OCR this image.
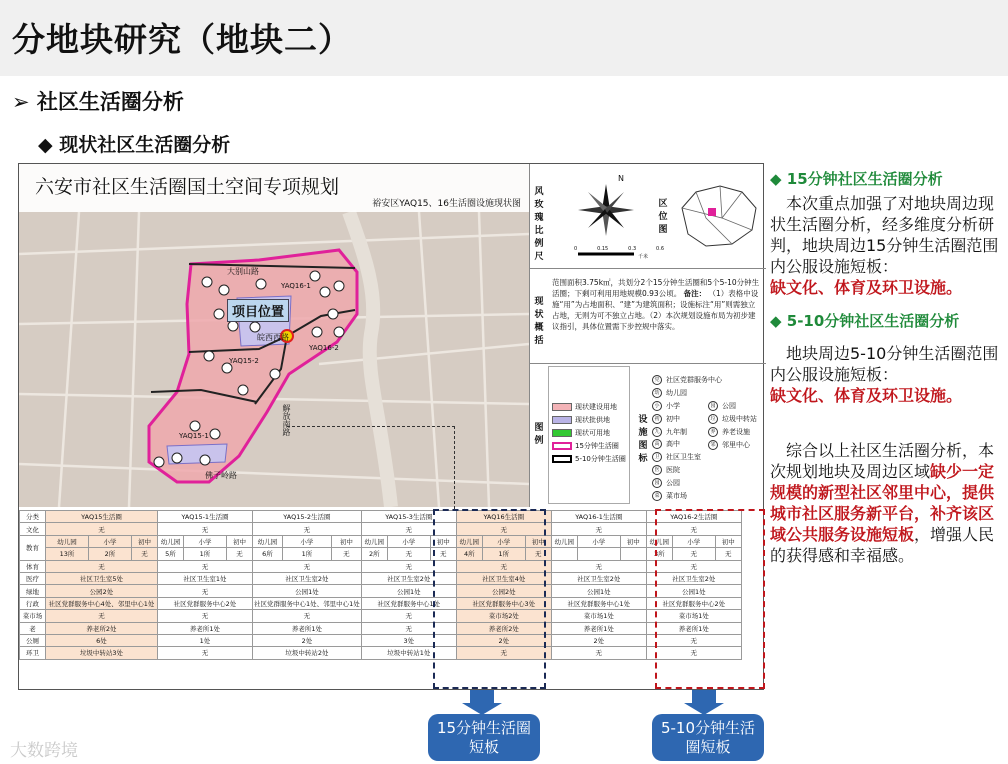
分地块研究（地块二）
➢ 社区生活圈分析
◆ 现状社区生活圈分析
六安市社区生活圈国土空间专项规划
裕安区YAQ15、16生活圈设施现状图
项目位置
大别山路
佛子岭路
解放南路
皖西西路
YAQ16-1
YAQ16-2
YAQ15-2
YAQ15-1
风玫瑰比例尺
N
0	0.15	0.3	0.6
千米
区位图
现状概括
范围面积3.75k㎡，共划分2个15分钟生活圈和5个5-10分钟生活圈；下剩可利用用地规模0.93公顷。 备注： （1）表格中设施“用”为占地面积、“建”为建筑面积；设施标注“用”则需独立占地，无则为可不独立占地。（2）本次规划设施布局为初步建议指引，具体位置需下步控规中落实。
图例
现状建设用地
现状批供地
现状可用地
15分钟生活圈
5-10分钟生活圈
设施图标
党 社区党群服务中心
幼 幼儿园
小 小学
初 初中
九 九年制
高 高中
卫 社区卫生室
医 医院
园 公园
菜 菜市场
园 公园
垃 垃圾中转站
养 养老设施
邻 邻里中心
分类	YAQ15生活圈			YAQ15-1生活圈			YAQ15-2生活圈			YAQ15-3生活圈			YAQ16生活圈			YAQ16-1生活圈			YAQ16-2生活圈		
文化	无			无			无			无			无			无			无		
教育	幼儿园	小学	初中	幼儿园	小学	初中	幼儿园	小学	初中	幼儿园	小学	初中	幼儿园	小学	初中	幼儿园	小学	初中	幼儿园	小学	初中
	13所	2所	无	5所	1所	无	6所	1所	无	2所	无	无	4所	1所	无				3所	无	无
体育	无			无			无			无			无			无			无		
医疗	社区卫生室5处			社区卫生室1处			社区卫生室2处			社区卫生室2处			社区卫生室4处			社区卫生室2处			社区卫生室2处		
绿地	公园2处			无			公园1处			公园1处			公园2处			公园1处			公园1处		
行政	社区党群服务中心4处、邻里中心1处			社区党群服务中心2处			社区党群服务中心1处、邻里中心1处			社区党群服务中心1处			社区党群服务中心3处			社区党群服务中心1处			社区党群服务中心2处		
菜市场	无			无			无			无			菜市场2处			菜市场1处			菜市场1处		
老	养老所2处			养老所1处			养老所1处			无			养老所2处			养老所1处			养老所1处		
公厕	6处			1处			2处			3处			2处			2处			无		
环卫	垃圾中转站3处			无			垃圾中转站2处			垃圾中转站1处			无			无			无		
15分钟生活圈
短板
5-10分钟生活
圈短板
◆ 15分钟社区生活圈分析
本次重点加强了对地块周边现状生活圈分析，经多维度分析研判，地块周边15分钟生活圈范围内公服设施短板：
缺文化、体育及环卫设施。
◆ 5-10分钟社区生活圈分析
地块周边5-10分钟生活圈范围内公服设施短板：
缺文化、体育及环卫设施。
综合以上社区生活圈分析，本次规划地块及周边区域缺少一定规模的新型社区邻里中心，提供城市社区服务新平台，补齐该区域公共服务设施短板，增强人民的获得感和幸福感。
大数跨境
